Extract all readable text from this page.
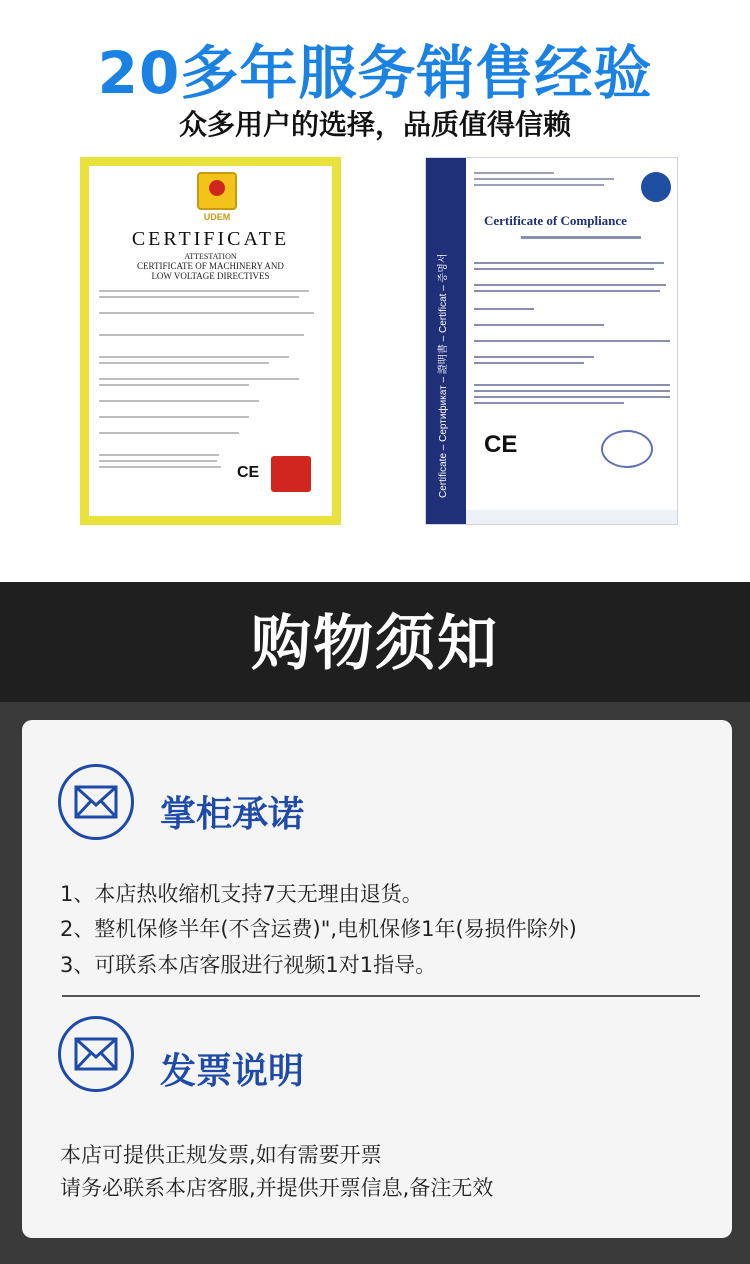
20多年服务销售经验
众多用户的选择，品质值得信赖
UDEM
CERTIFICATE
ATTESTATION
CERTIFICATE OF MACHINERY AND
LOW VOLTAGE DIRECTIVES
CE	Certificate – Сертификат – 證明書 – Certificat – 증명서
Certificate of Compliance
CE
购物须知
掌柜承诺
1、本店热收缩机支持7天无理由退货。
2、整机保修半年(不含运费)",电机保修1年(易损件除外)
3、可联系本店客服进行视频1对1指导。
发票说明
本店可提供正规发票,如有需要开票
请务必联系本店客服,并提供开票信息,备注无效
